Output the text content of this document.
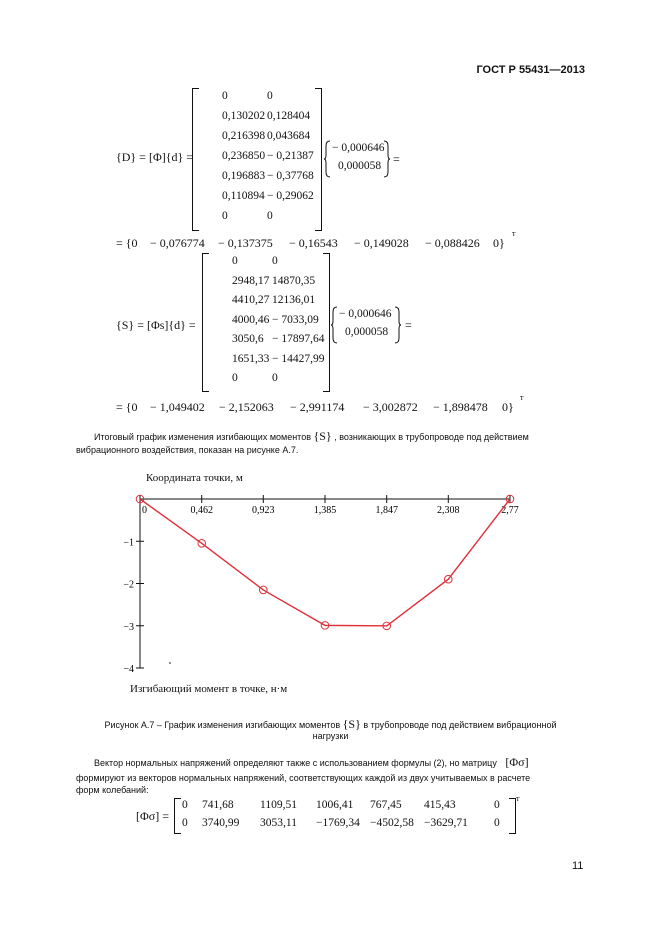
ГОСТ Р 55431—2013
{D} = [Φ]{d} =
0	0
0,130202 0,128404
0,216398 0,043684
0,236850 − 0,21387
0,196883 − 0,37768
0,110894 − 0,29062
0	0
− 0,000646
0,000058 =
= {0 − 0,076774 − 0,137375 − 0,16543 − 0,149028 − 0,088426 0}
т
{S} = [Φs]{d} =
0	0
2948,17 14870,35
4410,27 12136,01
4000,46 − 7033,09
3050,6 − 17897,64
1651,33 − 14427,99
0	0
− 0,000646
0,000058 =
= {0 − 1,049402 − 2,152063 − 2,991174 − 3,002872 − 1,898478 0}
т
Итоговый график изменения изгибающих моментов {S} , возникающих в трубопроводе под действием
вибрационного воздействия, показан на рисунке А.7.
Координата точки, м
0	0,462	0,923	1,385	1,847	2,308	2,77
−1
−2
−3
−4
Изгибающий момент в точке, н·м
Рисунок А.7 – График изменения изгибающих моментов {S} в трубопроводе под действием вибрационной
нагрузки
Вектор нормальных напряжений определяют также с использованием формулы (2), но матрицу [Φσ]
формируют из векторов нормальных напряжений, соответствующих каждой из двух учитываемых в расчете
форм колебаний:
[Φσ] =
0 741,68 1109,51 1006,41 767,45 415,43	0
0 3740,99 3053,11 −1769,34 −4502,58 −3629,71 0
т
11
